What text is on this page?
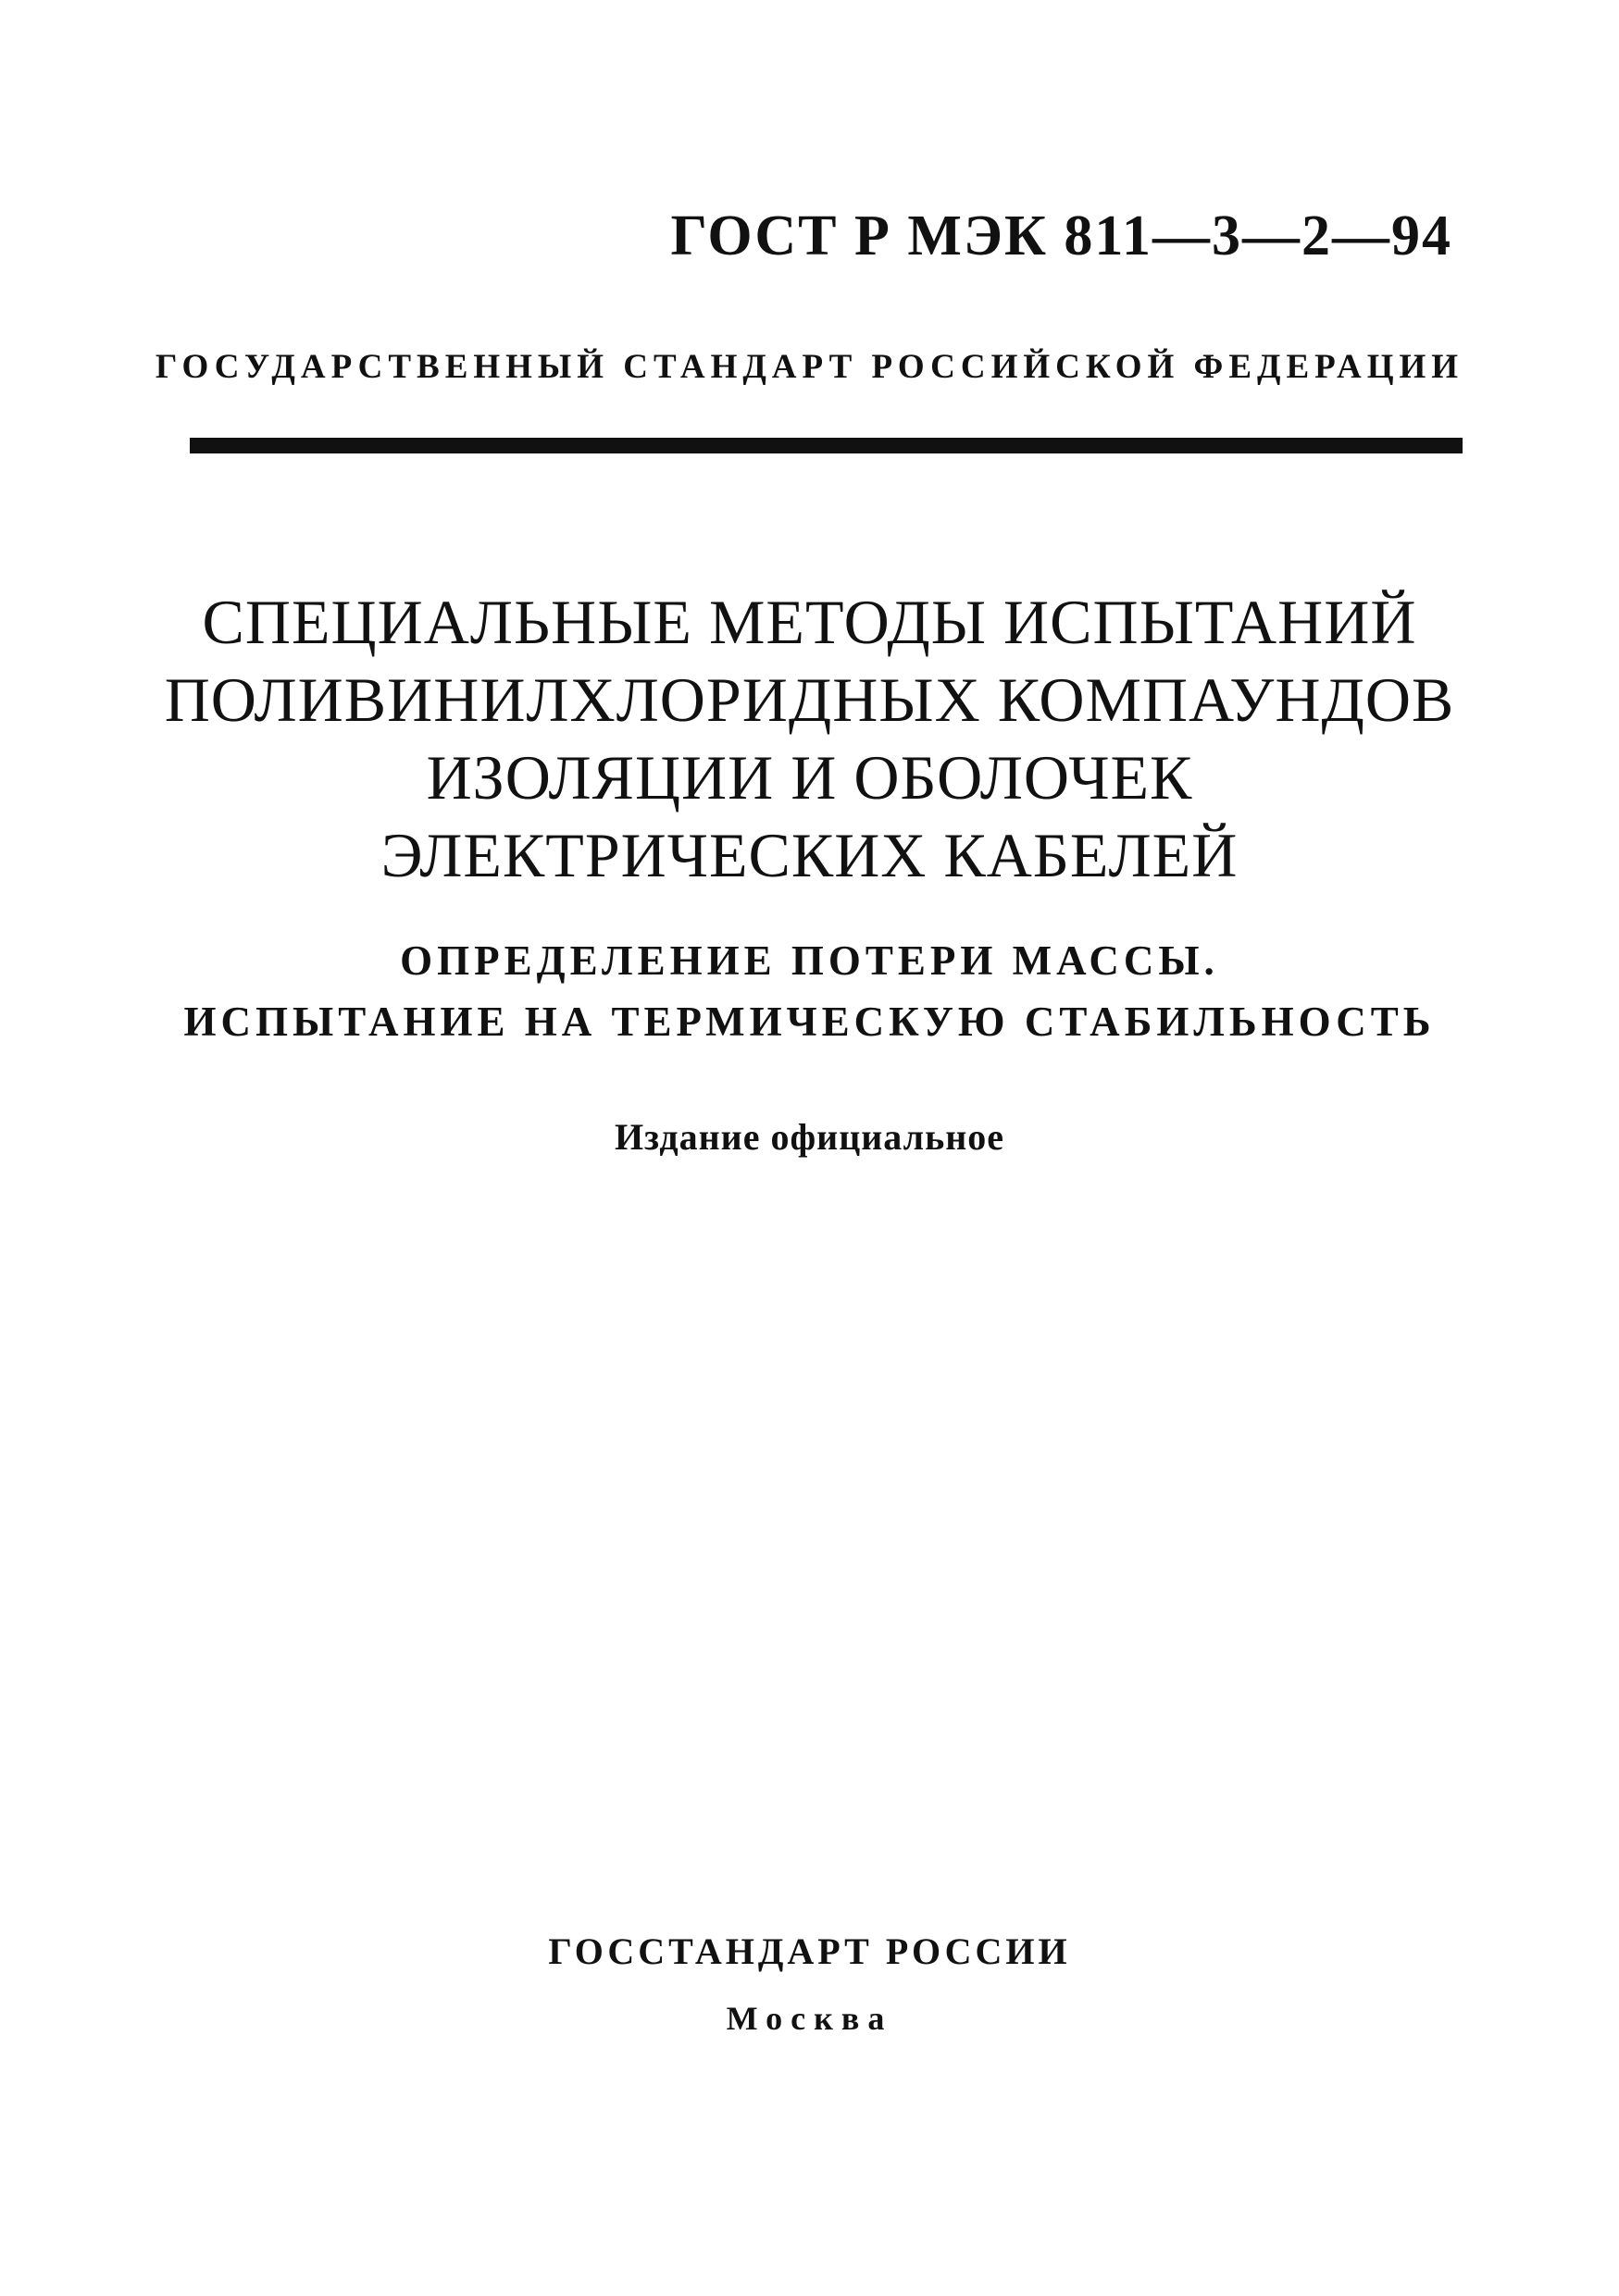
ГОСТ Р МЭК 811—3—2—94
ГОСУДАРСТВЕННЫЙ СТАНДАРТ РОССИЙСКОЙ ФЕДЕРАЦИИ
СПЕЦИАЛЬНЫЕ МЕТОДЫ ИСПЫТАНИЙ
ПОЛИВИНИЛХЛОРИДНЫХ КОМПАУНДОВ
ИЗОЛЯЦИИ И ОБОЛОЧЕК
ЭЛЕКТРИЧЕСКИХ КАБЕЛЕЙ
ОПРЕДЕЛЕНИЕ ПОТЕРИ МАССЫ.
ИСПЫТАНИЕ НА ТЕРМИЧЕСКУЮ СТАБИЛЬНОСТЬ
Издание официальное
ГОССТАНДАРТ РОССИИ
Москва
